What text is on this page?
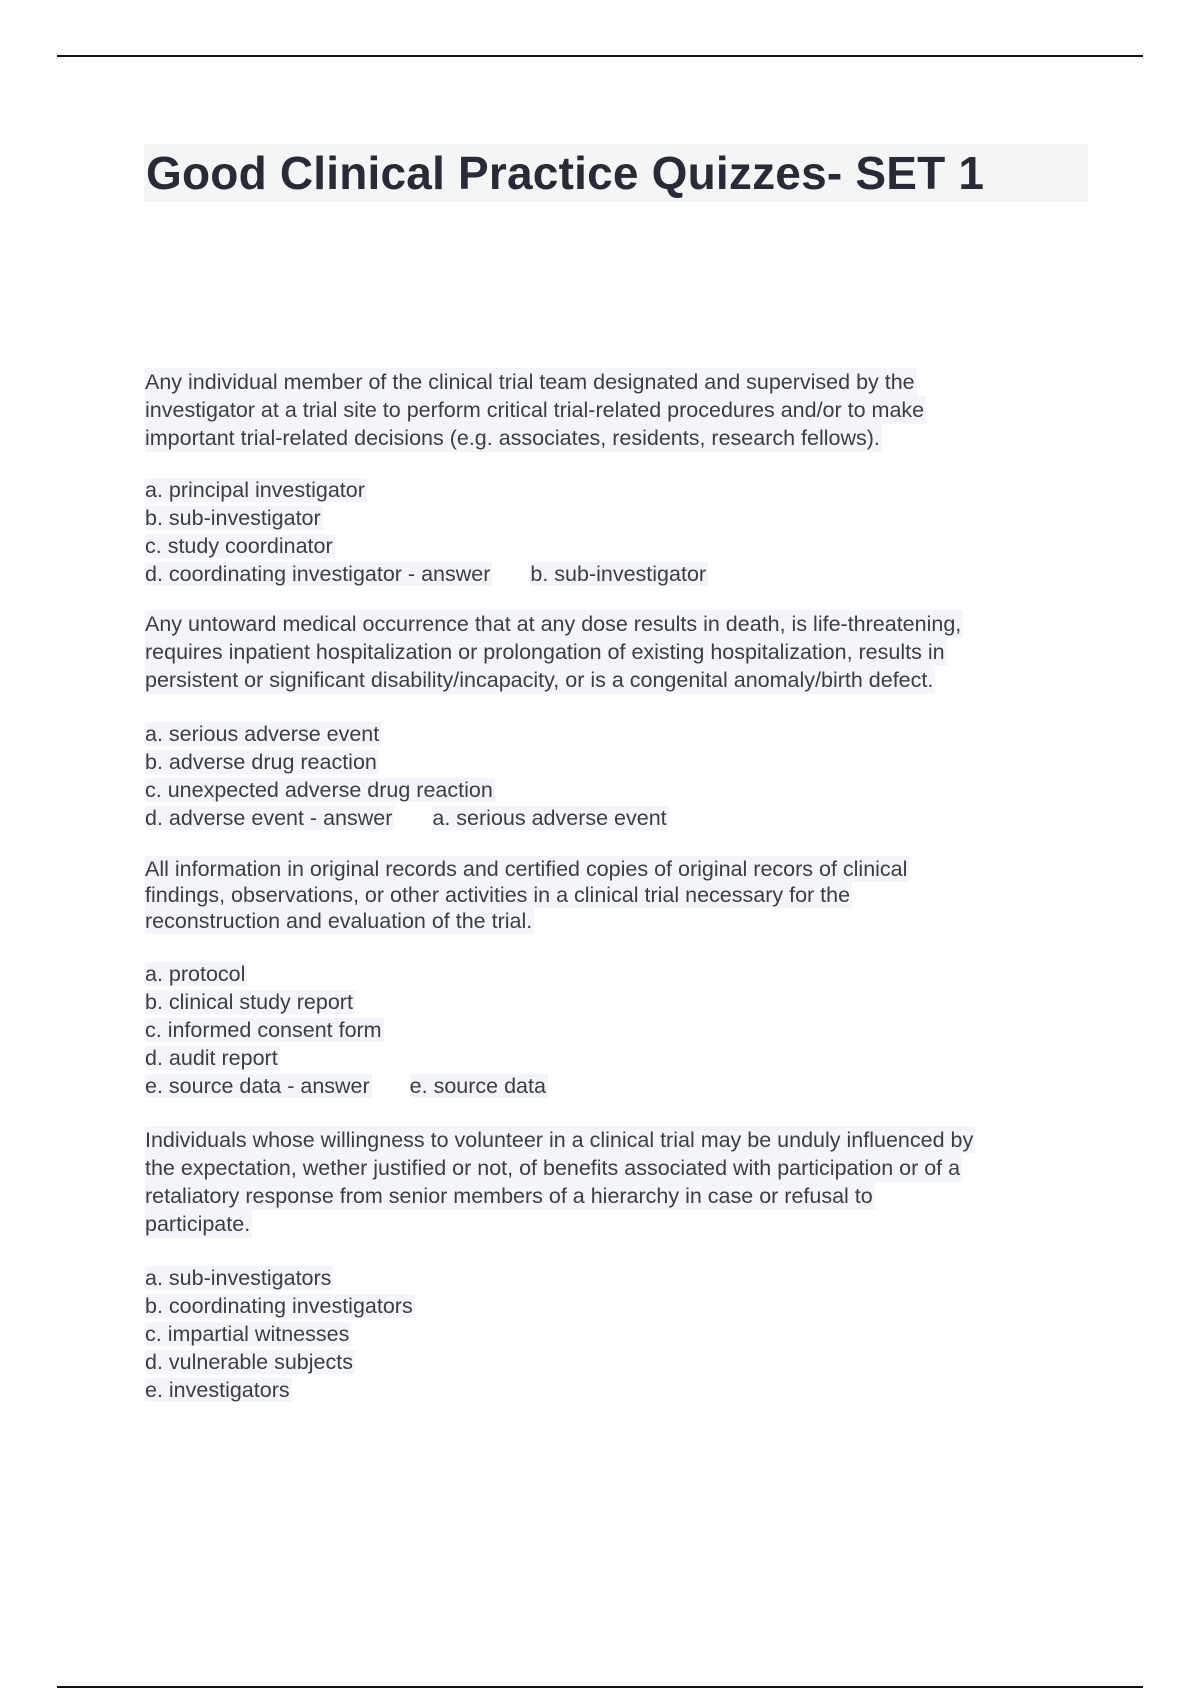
Good Clinical Practice Quizzes- SET 1
Any individual member of the clinical trial team designated and supervised by the
investigator at a trial site to perform critical trial-related procedures and/or to make
important trial-related decisions (e.g. associates, residents, research fellows).
a. principal investigator
b. sub-investigator
c. study coordinator
d. coordinating investigator - answer b. sub-investigator
Any untoward medical occurrence that at any dose results in death, is life-threatening,
requires inpatient hospitalization or prolongation of existing hospitalization, results in
persistent or significant disability/incapacity, or is a congenital anomaly/birth defect.
a. serious adverse event
b. adverse drug reaction
c. unexpected adverse drug reaction
d. adverse event - answer a. serious adverse event
All information in original records and certified copies of original recors of clinical
findings, observations, or other activities in a clinical trial necessary for the
reconstruction and evaluation of the trial.
a. protocol
b. clinical study report
c. informed consent form
d. audit report
e. source data - answer e. source data
Individuals whose willingness to volunteer in a clinical trial may be unduly influenced by
the expectation, wether justified or not, of benefits associated with participation or of a
retaliatory response from senior members of a hierarchy in case or refusal to
participate.
a. sub-investigators
b. coordinating investigators
c. impartial witnesses
d. vulnerable subjects
e. investigators
